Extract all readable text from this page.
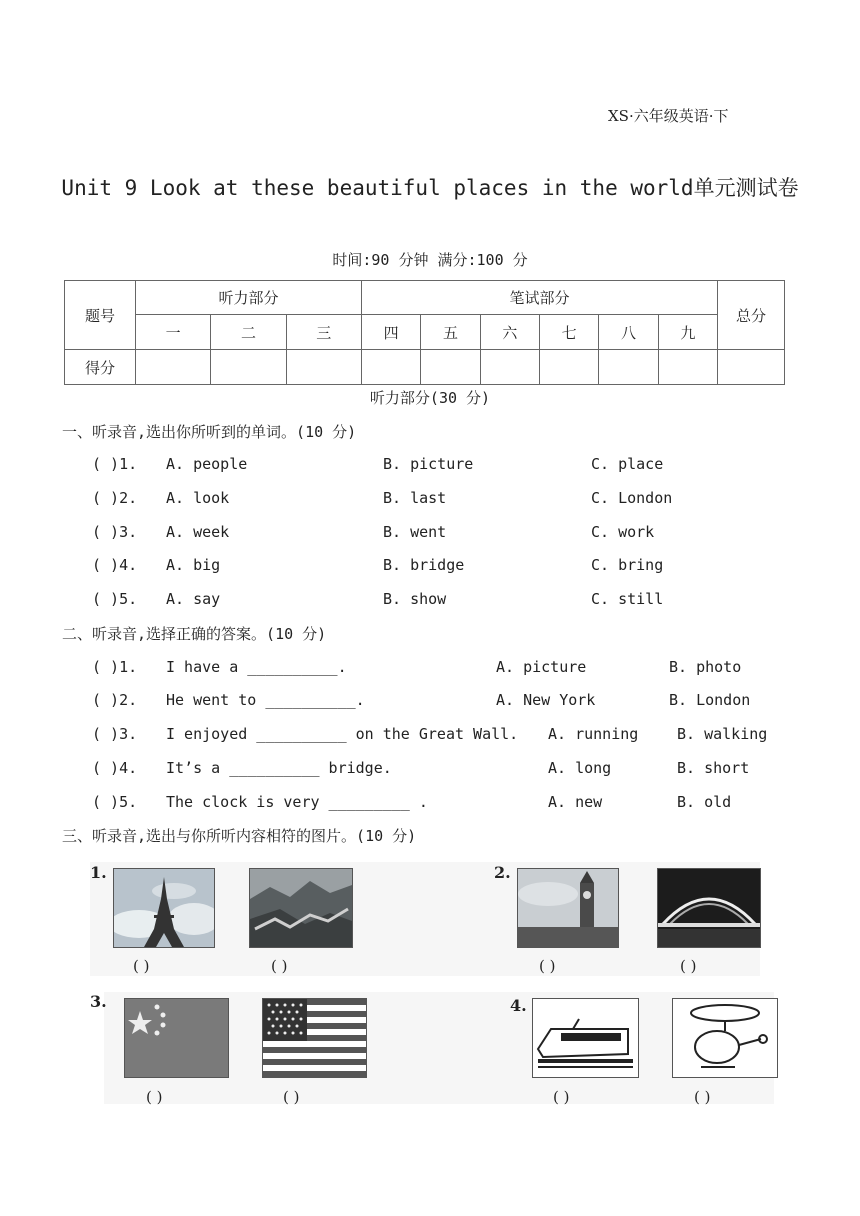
XS·六年级英语·下
Unit 9 Look at these beautiful places in the world单元测试卷
时间:90 分钟 满分:100 分
题号	听力部分			笔试部分						总分
	一	二	三	四	五	六	七	八	九	
得分										
听力部分(30 分)
一、听录音,选出你所听到的单词。(10 分)
( )1. A. people	B. picture	C. place
( )2. A. look	B. last	C. London
( )3. A. week	B. went	C. work
( )4. A. big	B. bridge	C. bring
( )5. A. say	B. show	C. still
二、听录音,选择正确的答案。(10 分)
( )1. I have a __________.	A. picture	B. photo
( )2. He went to __________.	A. New York	B. London
( )3. I enjoyed __________ on the Great Wall. A. running	B. walking
( )4. It’s a __________ bridge.	A. long	B. short
( )5. The clock is very _________ .	A. new	B. old
三、听录音,选出与你所听内容相符的图片。(10 分)
1.	2.
3.	4.
( )	( )	( )	( )
( )	( )	( )	( )
